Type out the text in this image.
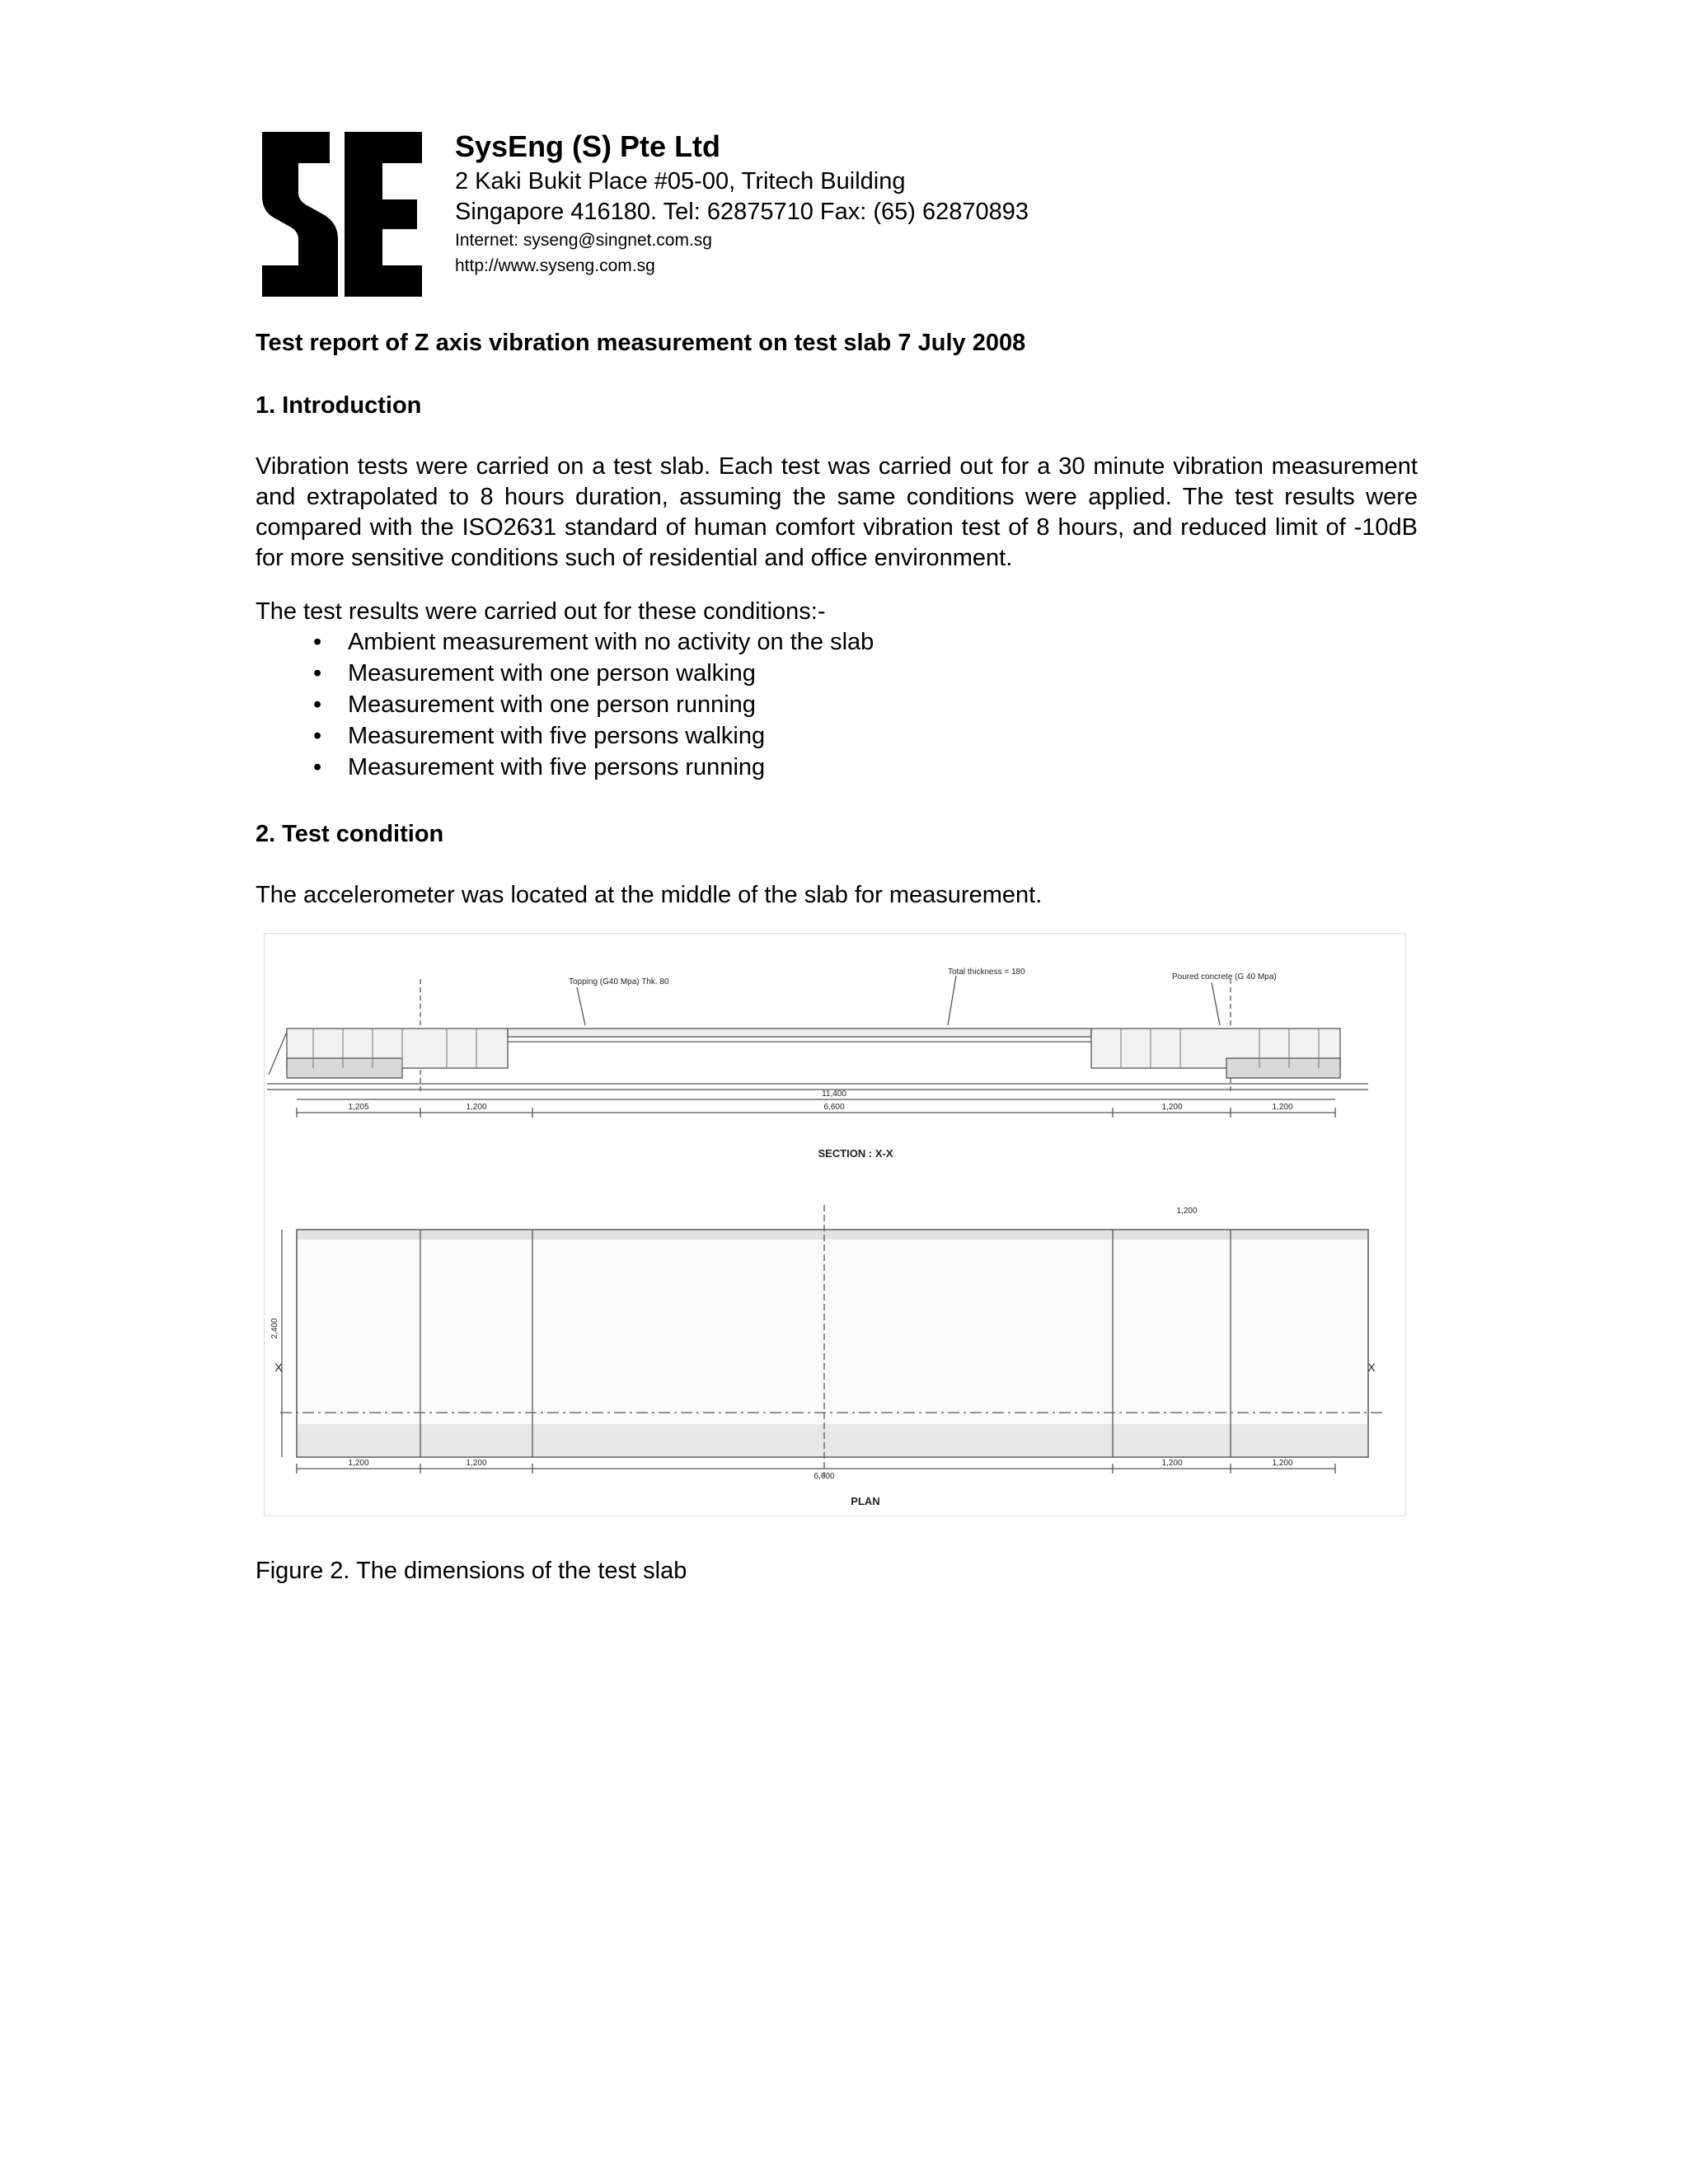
SysEng (S) Pte Ltd
2 Kaki Bukit Place #05-00, Tritech Building
Singapore 416180. Tel: 62875710 Fax: (65) 62870893
Internet: syseng@singnet.com.sg
http://www.syseng.com.sg
Test report of Z axis vibration measurement on test slab 7 July 2008
1. Introduction
Vibration tests were carried on a test slab. Each test was carried out for a 30 minute vibration measurement and extrapolated to 8 hours duration, assuming the same conditions were applied. The test results were compared with the ISO2631 standard of human comfort vibration test of 8 hours, and reduced limit of -10dB for more sensitive conditions such of residential and office environment.
The test results were carried out for these conditions:-
• Ambient measurement with no activity on the slab
• Measurement with one person walking
• Measurement with one person running
• Measurement with five persons walking
• Measurement with five persons running
2. Test condition
The accelerometer was located at the middle of the slab for measurement.
Topping (G40 Mpa) Thk. 80
Total thickness = 180
Poured concrete (G 40 Mpa)
11,400
1,205	1,200	6,600	1,200	1,200
SECTION : X-X
1,200
2,400
X	X
1,200	1,200
6,600
1,200	1,200
PLAN
Figure 2. The dimensions of the test slab
